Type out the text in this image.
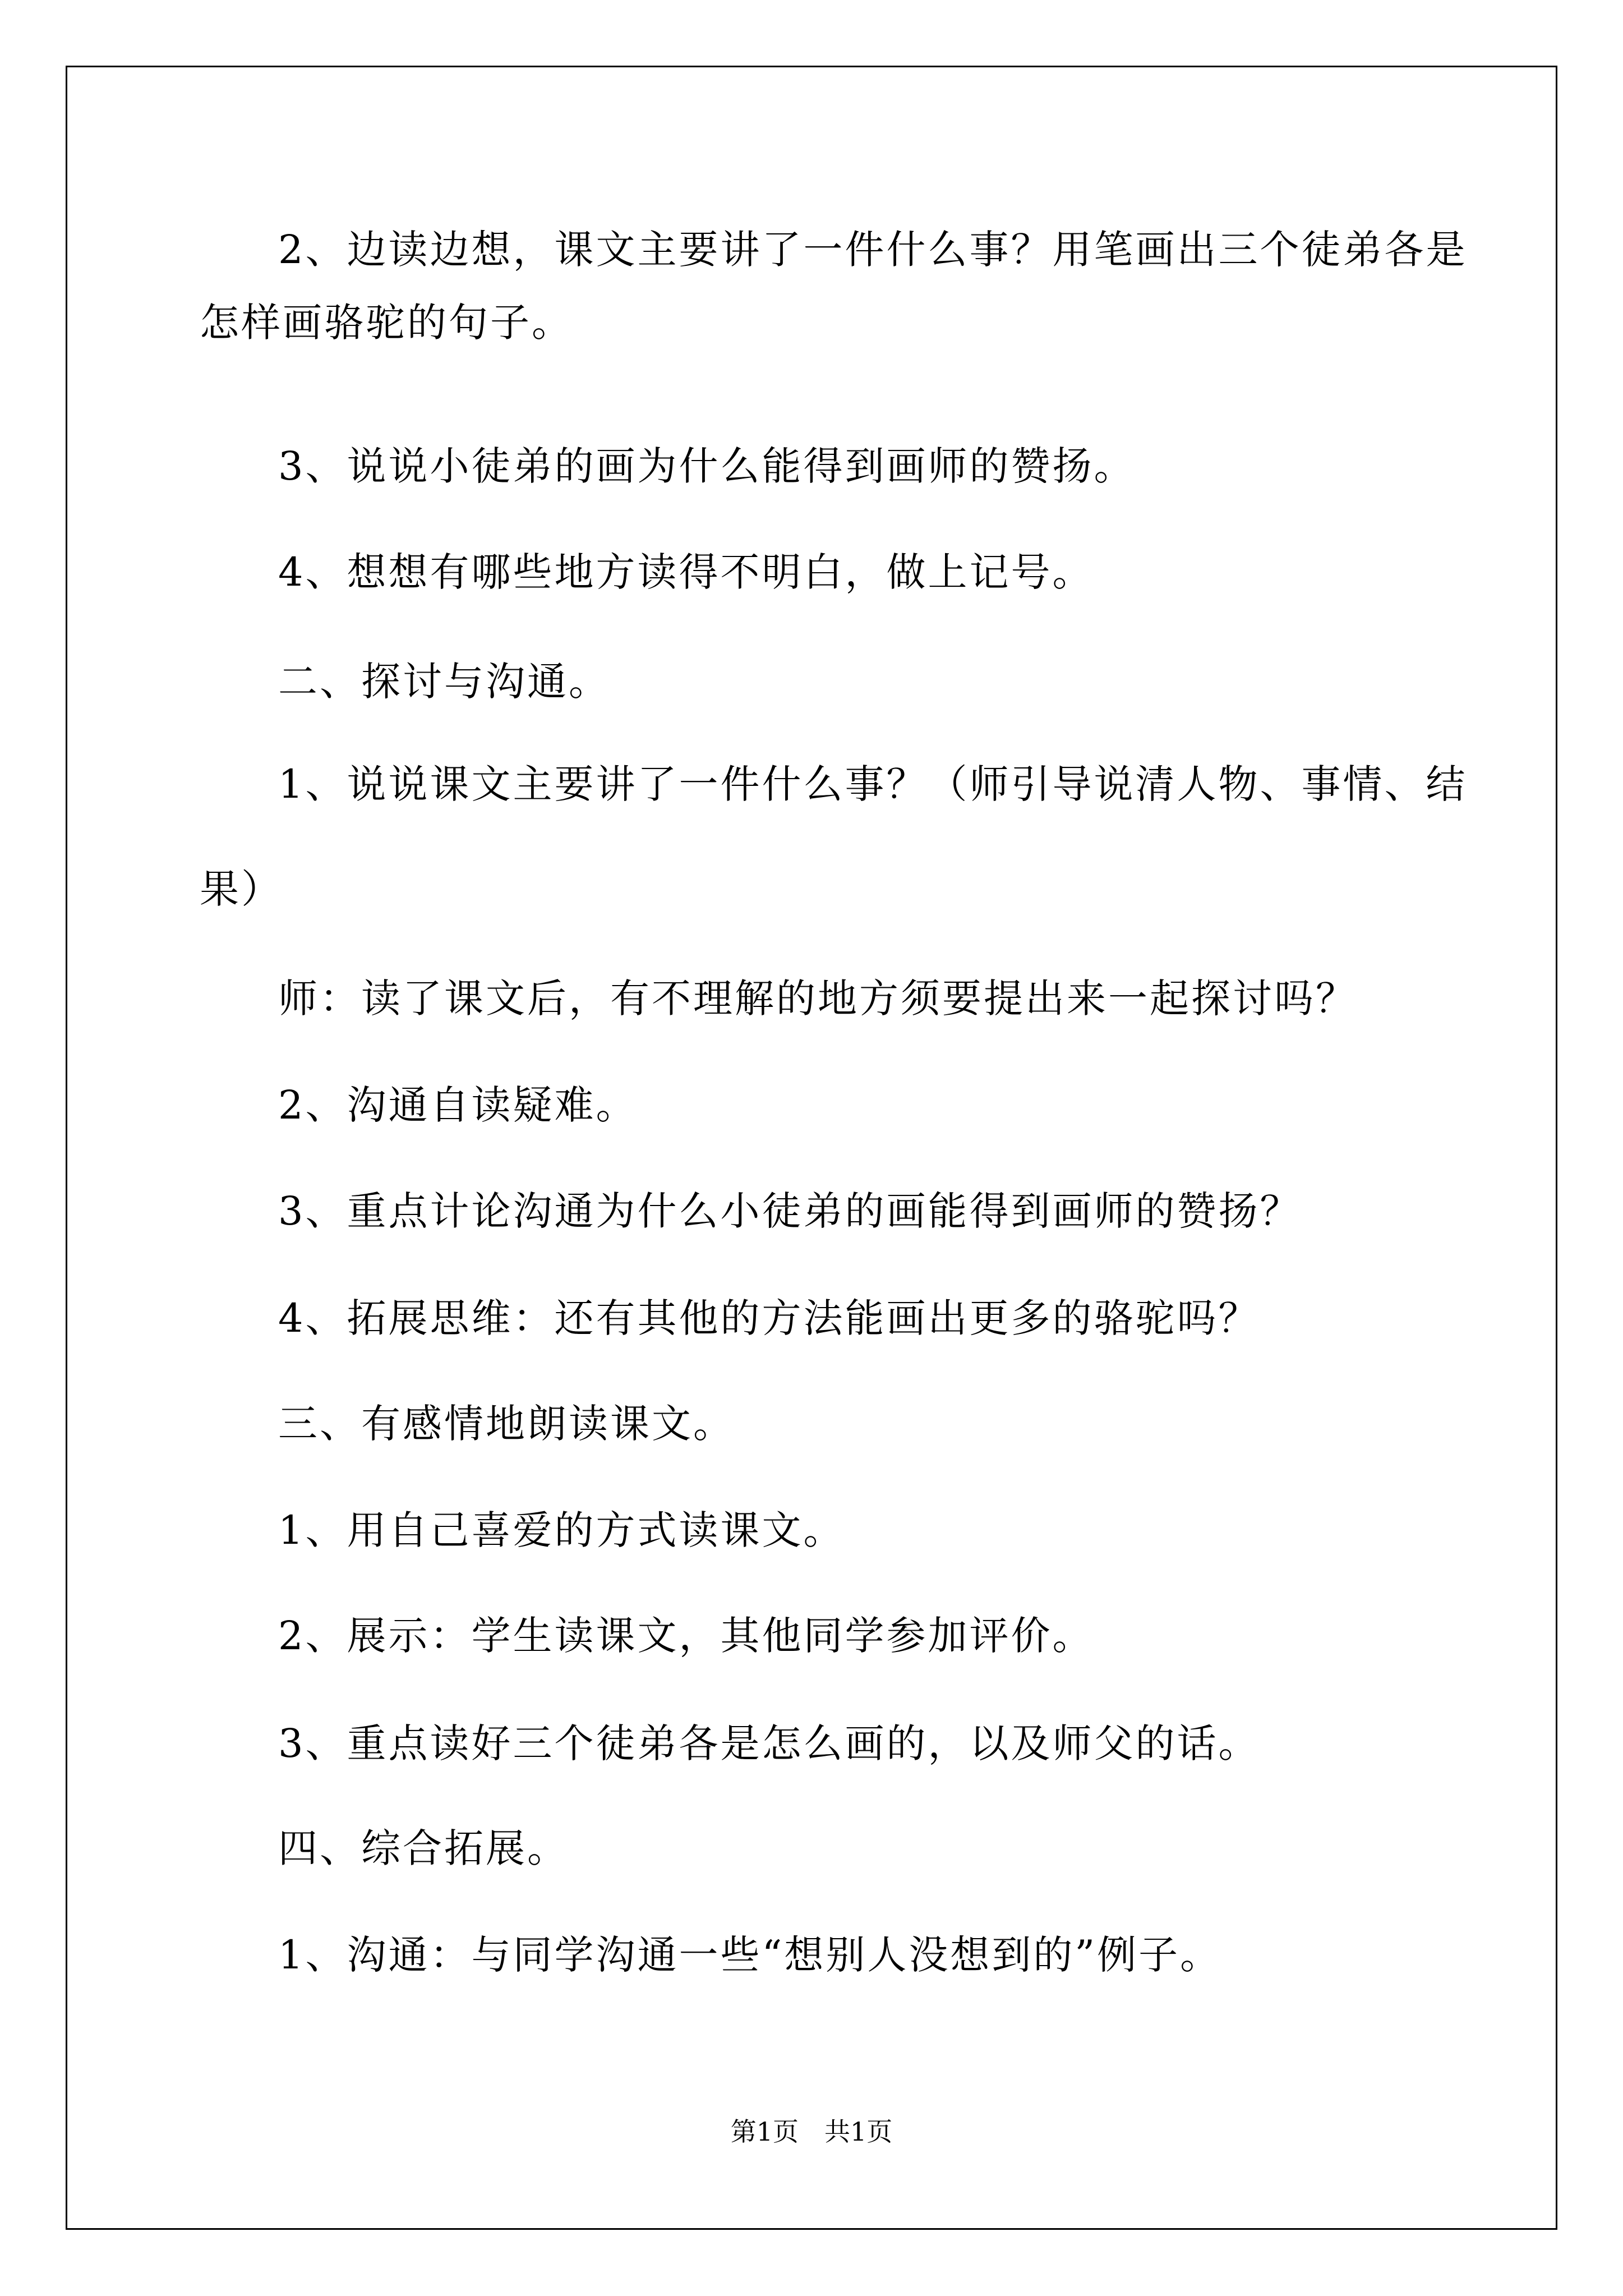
2、边读边想，课文主要讲了一件什么事？用笔画出三个徒弟各是
怎样画骆驼的句子。
3、说说小徒弟的画为什么能得到画师的赞扬。
4、想想有哪些地方读得不明白，做上记号。
二、探讨与沟通。
1、说说课文主要讲了一件什么事？（师引导说清人物、事情、结
果）
师：读了课文后，有不理解的地方须要提出来一起探讨吗？
2、沟通自读疑难。
3、重点计论沟通为什么小徒弟的画能得到画师的赞扬？
4、拓展思维：还有其他的方法能画出更多的骆驼吗？
三、有感情地朗读课文。
1、用自己喜爱的方式读课文。
2、展示：学生读课文，其他同学参加评价。
3、重点读好三个徒弟各是怎么画的，以及师父的话。
四、综合拓展。
1、沟通：与同学沟通一些“想别人没想到的”例子。
第1页 共1页
